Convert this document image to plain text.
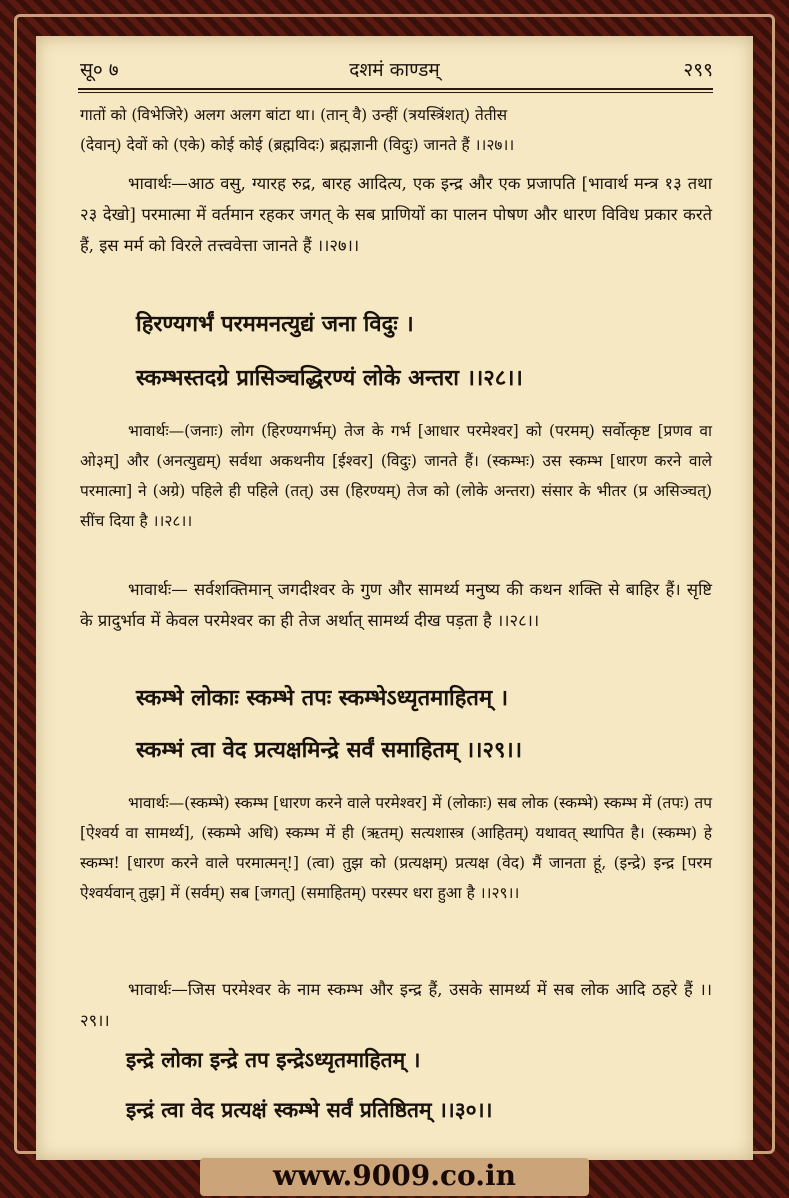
सू० ७	दशमं काण्डम्	२९९
गातों को (विभेजिरे) अलग अलग बांटा था। (तान् वै) उन्हीं (त्रयस्त्रिंशत्) तेतीस
(देवान्) देवों को (एके) कोई कोई (ब्रह्मविदः) ब्रह्मज्ञानी (विदुः) जानते हैं ।।२७।।
भावार्थः—आठ वसु, ग्यारह रुद्र, बारह आदित्य, एक इन्द्र और एक प्रजापति [भावार्थ मन्त्र १३ तथा २३ देखो] परमात्मा में वर्तमान रहकर जगत् के सब प्राणियों का पालन पोषण और धारण विविध प्रकार करते हैं, इस मर्म को विरले तत्त्ववेत्ता जानते हैं ।।२७।।
हिरण्यगर्भं परममनत्युद्यं जना विदुः ।
स्कम्भस्तदग्रे प्रासिञ्चद्धिरण्यं लोके अन्तरा ।।२८।।
भावार्थः—(जनाः) लोग (हिरण्यगर्भम्) तेज के गर्भ [आधार परमेश्वर] को (परमम्) सर्वोत्कृष्ट [प्रणव वा ओ३म्] और (अनत्युद्यम्) सर्वथा अकथनीय [ईश्वर] (विदुः) जानते हैं। (स्कम्भः) उस स्कम्भ [धारण करने वाले परमात्मा] ने (अग्रे) पहिले ही पहिले (तत्) उस (हिरण्यम्) तेज को (लोके अन्तरा) संसार के भीतर (प्र असिञ्चत्) सींच दिया है ।।२८।।
भावार्थः— सर्वशक्तिमान् जगदीश्वर के गुण और सामर्थ्य मनुष्य की कथन शक्ति से बाहिर हैं। सृष्टि के प्रादुर्भाव में केवल परमेश्वर का ही तेज अर्थात् सामर्थ्य दीख पड़ता है ।।२८।।
स्कम्भे लोकाः स्कम्भे तपः स्कम्भेऽध्यृतमाहितम् ।
स्कम्भं त्वा वेद प्रत्यक्षमिन्द्रे सर्वं समाहितम् ।।२९।।
भावार्थः—(स्कम्भे) स्कम्भ [धारण करने वाले परमेश्वर] में (लोकाः) सब लोक (स्कम्भे) स्कम्भ में (तपः) तप [ऐश्वर्य वा सामर्थ्य], (स्कम्भे अधि) स्कम्भ में ही (ऋतम्) सत्यशास्त्र (आहितम्) यथावत् स्थापित है। (स्कम्भ) हे स्कम्भ! [धारण करने वाले परमात्मन्!] (त्वा) तुझ को (प्रत्यक्षम्) प्रत्यक्ष (वेद) मैं जानता हूं, (इन्द्रे) इन्द्र [परम ऐश्वर्यवान् तुझ] में (सर्वम्) सब [जगत्] (समाहितम्) परस्पर धरा हुआ है ।।२९।।
भावार्थः—जिस परमेश्वर के नाम स्कम्भ और इन्द्र हैं, उसके सामर्थ्य में सब लोक आदि ठहरे हैं ।।२९।।
इन्द्रे लोका इन्द्रे तप इन्द्रेऽध्यृतमाहितम् ।
इन्द्रं त्वा वेद प्रत्यक्षं स्कम्भे सर्वं प्रतिष्ठितम् ।।३०।।
www.9009.co.in
